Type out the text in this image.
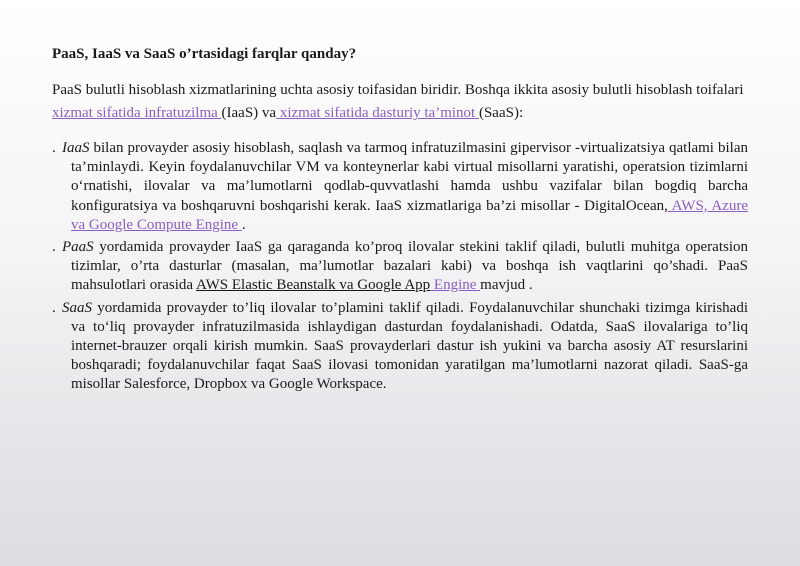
PaaS, IaaS va SaaS o’rtasidagi farqlar qanday?

PaaS bulutli hisoblash xizmatlarining uchta asosiy toifasidan biridir. Boshqa ikkita asosiy bulutli hisoblash toifalari xizmat sifatida infratuzilma (IaaS) va xizmat sifatida dasturiy ta’minot (SaaS):

. IaaS bilan provayder asosiy hisoblash, saqlash va tarmoq infratuzilmasini gipervisor -virtualizatsiya qatlami bilan ta’minlaydi. Keyin foydalanuvchilar VM va konteynerlar kabi virtual misollarni yaratishi, operatsion tizimlarni o‘rnatishi, ilovalar va ma’lumotlarni qodlab-quvvatlashi hamda ushbu vazifalar bilan bogdiq barcha konfiguratsiya va boshqaruvni boshqarishi kerak. IaaS xizmatlariga ba’zi misollar - DigitalOcean, AWS, Azure va Google Compute Engine .
. PaaS yordamida provayder IaaS ga qaraganda ko’proq ilovalar stekini taklif qiladi, bulutli muhitga operatsion tizimlar, o’rta dasturlar (masalan, ma’lumotlar bazalari kabi) va boshqa ish vaqtlarini qo’shadi. PaaS mahsulotlari orasida AWS Elastic Beanstalk va Google App Engine mavjud .
. SaaS yordamida provayder to’liq ilovalar to’plamini taklif qiladi. Foydalanuvchilar shunchaki tizimga kirishadi va to‘liq provayder infratuzilmasida ishlaydigan dasturdan foydalanishadi. Odatda, SaaS ilovalariga to’liq internet-brauzer orqali kirish mumkin. SaaS provayderlari dastur ish yukini va barcha asosiy AT resurslarini boshqaradi; foydalanuvchilar faqat SaaS ilovasi tomonidan yaratilgan ma’lumotlarni nazorat qiladi. SaaS-ga misollar Salesforce, Dropbox va Google Workspace.
